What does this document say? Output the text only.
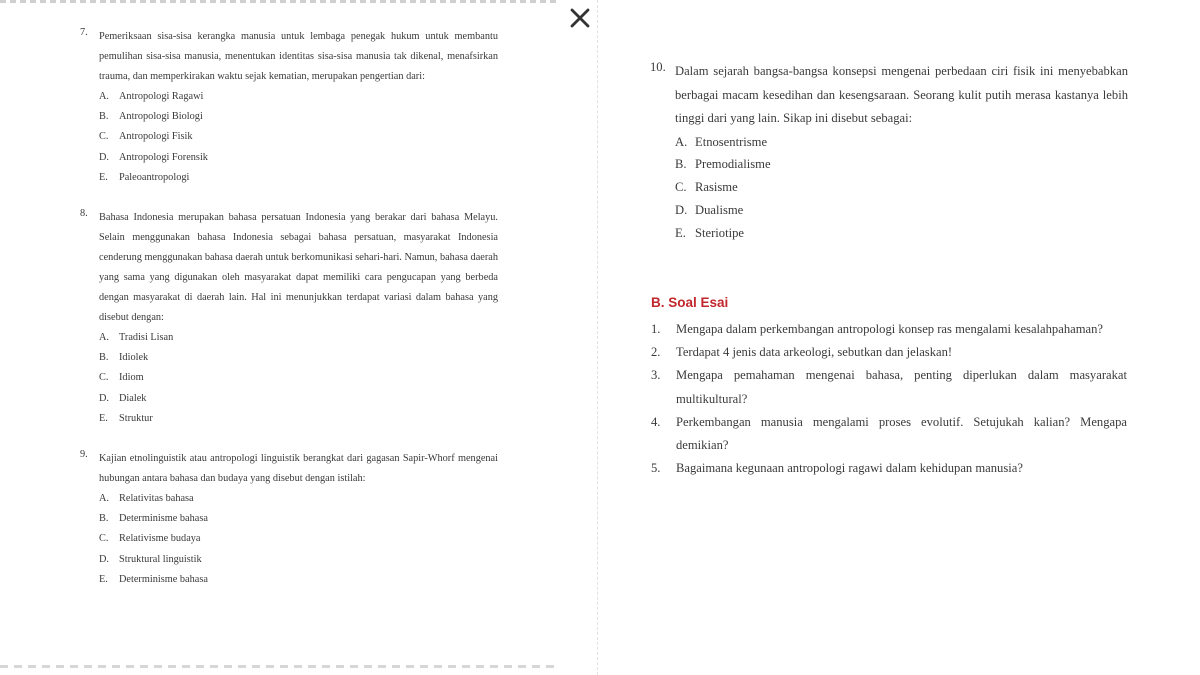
7.	Pemeriksaan sisa-sisa kerangka manusia untuk lembaga penegak hukum untuk membantu pemulihan sisa-sisa manusia, menentukan identitas sisa-sisa manusia tak dikenal, menafsirkan trauma, dan memperkirakan waktu sejak kematian, merupakan pengertian dari:
A. Antropologi Ragawi
B. Antropologi Biologi
C. Antropologi Fisik
D. Antropologi Forensik
E. Paleoantropologi
8.	Bahasa Indonesia merupakan bahasa persatuan Indonesia yang berakar dari bahasa Melayu. Selain menggunakan bahasa Indonesia sebagai bahasa persatuan, masyarakat Indonesia cenderung menggunakan bahasa daerah untuk berkomunikasi sehari-hari. Namun, bahasa daerah yang sama yang digunakan oleh masyarakat dapat memiliki cara pengucapan yang berbeda dengan masyarakat di daerah lain. Hal ini menunjukkan terdapat variasi dalam bahasa yang disebut dengan:
A. Tradisi Lisan
B. Idiolek
C. Idiom
D. Dialek
E. Struktur
9.	Kajian etnolinguistik atau antropologi linguistik berangkat dari gagasan Sapir-Whorf mengenai hubungan antara bahasa dan budaya yang disebut dengan istilah:
A. Relativitas bahasa
B. Determinisme bahasa
C. Relativisme budaya
D. Struktural linguistik
E. Determinisme bahasa
10. Dalam sejarah bangsa-bangsa konsepsi mengenai perbedaan ciri fisik ini menyebabkan berbagai macam kesedihan dan kesengsaraan. Seorang kulit putih merasa kastanya lebih tinggi dari yang lain. Sikap ini disebut sebagai:
A. Etnosentrisme
B. Premodialisme
C. Rasisme
D. Dualisme
E. Steriotipe
B. Soal Esai
1.	Mengapa dalam perkembangan antropologi konsep ras mengalami kesalahpahaman?
2.	Terdapat 4 jenis data arkeologi, sebutkan dan jelaskan!
3.	Mengapa pemahaman mengenai bahasa, penting diperlukan dalam masyarakat multikultural?
4.	Perkembangan manusia mengalami proses evolutif. Setujukah kalian? Mengapa demikian?
5.	Bagaimana kegunaan antropologi ragawi dalam kehidupan manusia?
